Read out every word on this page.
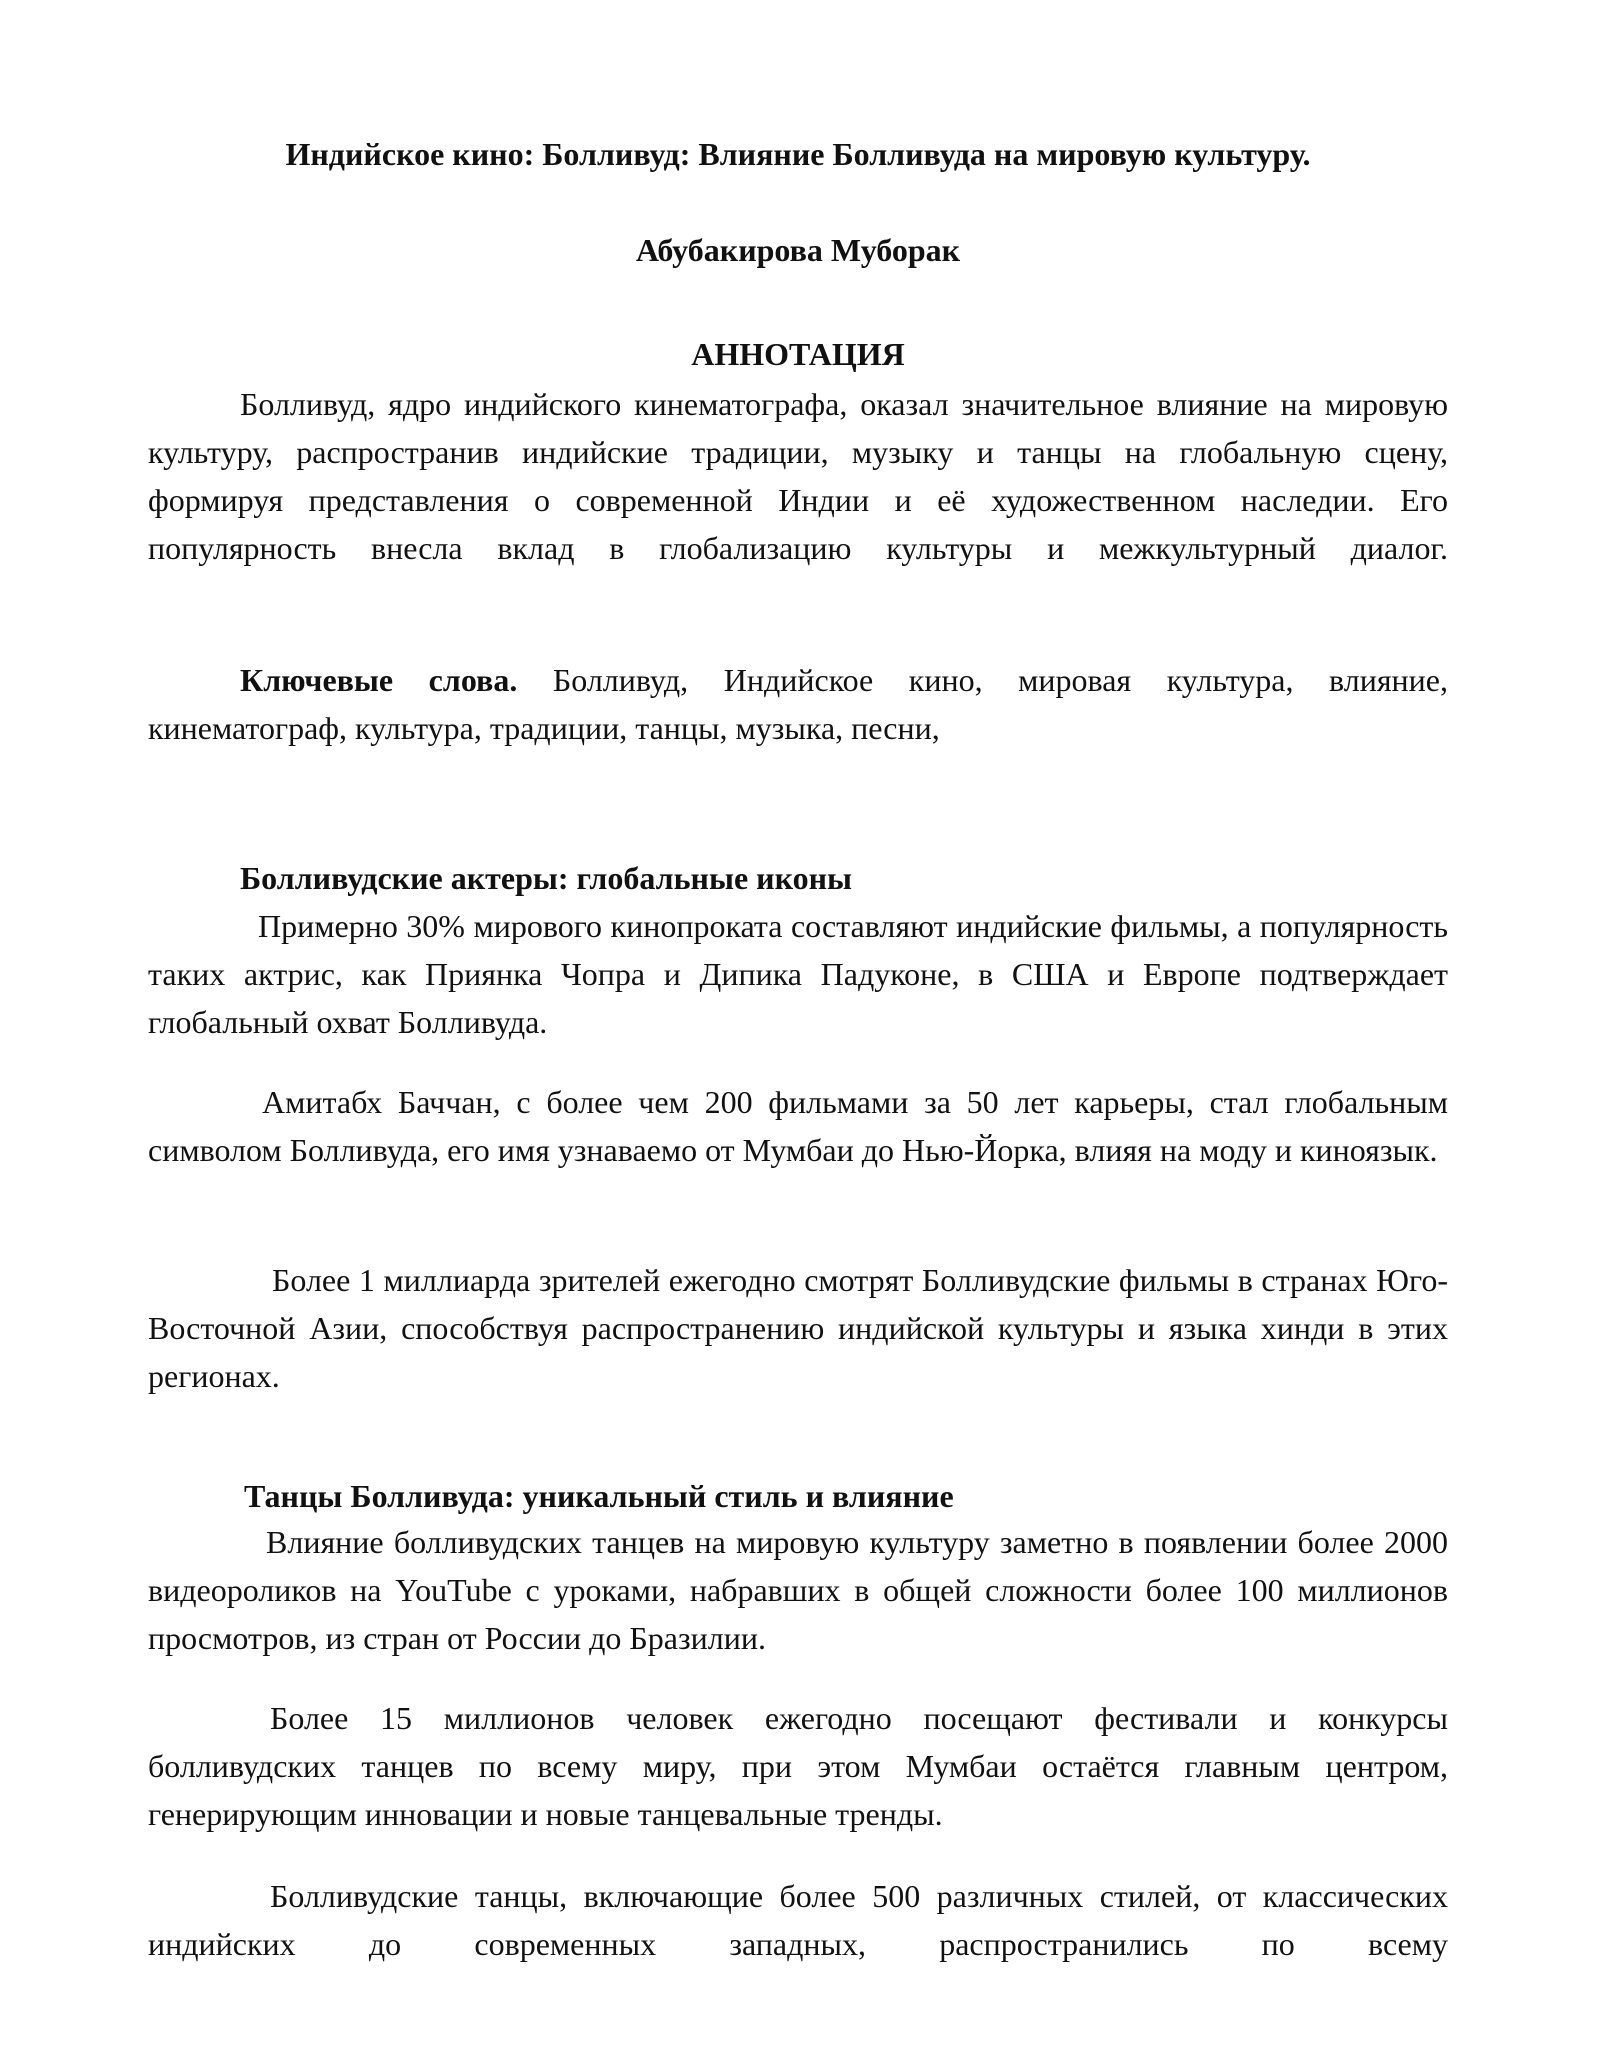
Индийское кино: Болливуд: Влияние Болливуда на мировую культуру.

Абубакирова Муборак

АННОТАЦИЯ

Болливуд, ядро индийского кинематографа, оказал значительное влияние на мировую культуру, распространив индийские традиции, музыку и танцы на глобальную сцену, формируя представления о современной Индии и её художественном наследии. Его популярность внесла вклад в глобализацию культуры и межкультурный диалог.

Ключевые слова. Болливуд, Индийское кино, мировая культура, влияние, кинематограф, культура, традиции, танцы, музыка, песни,

Болливудские актеры: глобальные иконы

Примерно 30% мирового кинопроката составляют индийские фильмы, а популярность таких актрис, как Приянка Чопра и Дипика Падуконе, в США и Европе подтверждает глобальный охват Болливуда.

Амитабх Баччан, с более чем 200 фильмами за 50 лет карьеры, стал глобальным символом Болливуда, его имя узнаваемо от Мумбаи до Нью-Йорка, влияя на моду и киноязык.

Более 1 миллиарда зрителей ежегодно смотрят Болливудские фильмы в странах Юго-Восточной Азии, способствуя распространению индийской культуры и языка хинди в этих регионах.

Танцы Болливуда: уникальный стиль и влияние

Влияние болливудских танцев на мировую культуру заметно в появлении более 2000 видеороликов на YouTube с уроками, набравших в общей сложности более 100 миллионов просмотров, из стран от России до Бразилии.

Более 15 миллионов человек ежегодно посещают фестивали и конкурсы болливудских танцев по всему миру, при этом Мумбаи остаётся главным центром, генерирующим инновации и новые танцевальные тренды.

Болливудские танцы, включающие более 500 различных стилей, от классических индийских до современных западных, распространились по всему
